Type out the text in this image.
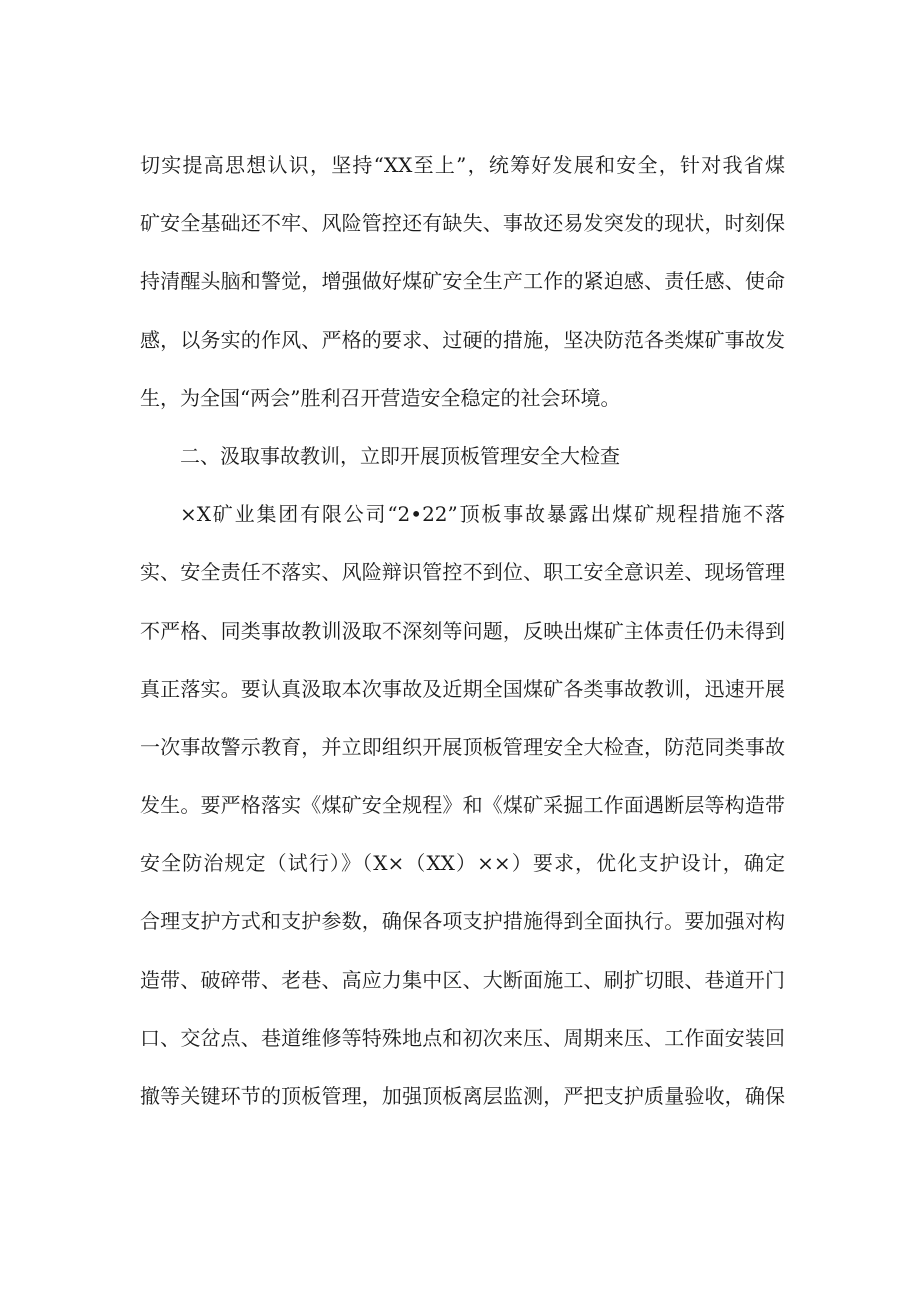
切实提高思想认识，坚持“XX至上”，统筹好发展和安全，针对我省煤
矿安全基础还不牢、风险管控还有缺失、事故还易发突发的现状，时刻保
持清醒头脑和警觉，增强做好煤矿安全生产工作的紧迫感、责任感、使命
感，以务实的作风、严格的要求、过硬的措施，坚决防范各类煤矿事故发
生，为全国“两会”胜利召开营造安全稳定的社会环境。
二、汲取事故教训，立即开展顶板管理安全大检查
×X矿业集团有限公司“2•22”顶板事故暴露出煤矿规程措施不落
实、安全责任不落实、风险辩识管控不到位、职工安全意识差、现场管理
不严格、同类事故教训汲取不深刻等问题，反映出煤矿主体责任仍未得到
真正落实。要认真汲取本次事故及近期全国煤矿各类事故教训，迅速开展
一次事故警示教育，并立即组织开展顶板管理安全大检查，防范同类事故
发生。要严格落实《煤矿安全规程》和《煤矿采掘工作面遇断层等构造带
安全防治规定（试行）》（X×（XX）××）要求，优化支护设计，确定
合理支护方式和支护参数，确保各项支护措施得到全面执行。要加强对构
造带、破碎带、老巷、高应力集中区、大断面施工、刷扩切眼、巷道开门
口、交岔点、巷道维修等特殊地点和初次来压、周期来压、工作面安装回
撤等关键环节的顶板管理，加强顶板离层监测，严把支护质量验收，确保
